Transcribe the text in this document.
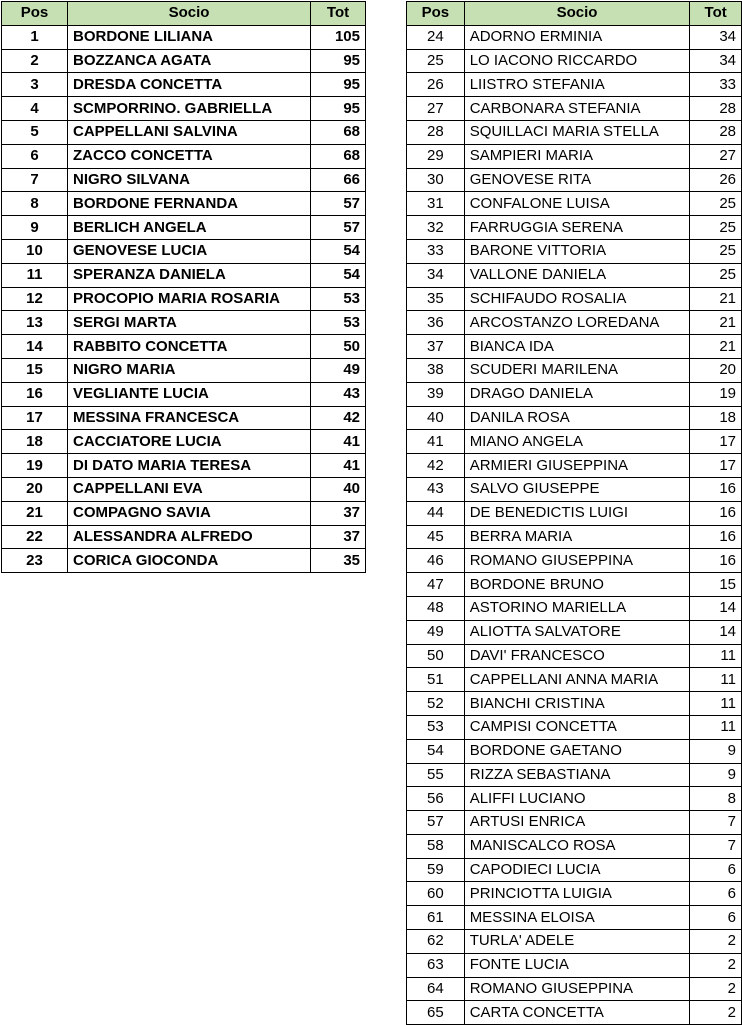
Pos	Socio	Tot
1	BORDONE LILIANA	105
2	BOZZANCA AGATA	95
3	DRESDA CONCETTA	95
4	SCMPORRINO. GABRIELLA	95
5	CAPPELLANI SALVINA	68
6	ZACCO CONCETTA	68
7	NIGRO SILVANA	66
8	BORDONE FERNANDA	57
9	BERLICH ANGELA	57
10	GENOVESE LUCIA	54
11	SPERANZA DANIELA	54
12	PROCOPIO MARIA ROSARIA	53
13	SERGI MARTA	53
14	RABBITO CONCETTA	50
15	NIGRO MARIA	49
16	VEGLIANTE LUCIA	43
17	MESSINA FRANCESCA	42
18	CACCIATORE LUCIA	41
19	DI DATO MARIA TERESA	41
20	CAPPELLANI EVA	40
21	COMPAGNO SAVIA	37
22	ALESSANDRA ALFREDO	37
23	CORICA GIOCONDA	35
Pos	Socio	Tot
24	ADORNO ERMINIA	34
25	LO IACONO RICCARDO	34
26	LIISTRO STEFANIA	33
27	CARBONARA STEFANIA	28
28	SQUILLACI MARIA STELLA	28
29	SAMPIERI MARIA	27
30	GENOVESE RITA	26
31	CONFALONE LUISA	25
32	FARRUGGIA SERENA	25
33	BARONE VITTORIA	25
34	VALLONE DANIELA	25
35	SCHIFAUDO ROSALIA	21
36	ARCOSTANZO LOREDANA	21
37	BIANCA IDA	21
38	SCUDERI MARILENA	20
39	DRAGO DANIELA	19
40	DANILA ROSA	18
41	MIANO ANGELA	17
42	ARMIERI GIUSEPPINA	17
43	SALVO GIUSEPPE	16
44	DE BENEDICTIS LUIGI	16
45	BERRA MARIA	16
46	ROMANO GIUSEPPINA	16
47	BORDONE BRUNO	15
48	ASTORINO MARIELLA	14
49	ALIOTTA SALVATORE	14
50	DAVI' FRANCESCO	11
51	CAPPELLANI ANNA MARIA	11
52	BIANCHI CRISTINA	11
53	CAMPISI CONCETTA	11
54	BORDONE GAETANO	9
55	RIZZA SEBASTIANA	9
56	ALIFFI LUCIANO	8
57	ARTUSI ENRICA	7
58	MANISCALCO ROSA	7
59	CAPODIECI LUCIA	6
60	PRINCIOTTA LUIGIA	6
61	MESSINA ELOISA	6
62	TURLA' ADELE	2
63	FONTE LUCIA	2
64	ROMANO GIUSEPPINA	2
65	CARTA CONCETTA	2
